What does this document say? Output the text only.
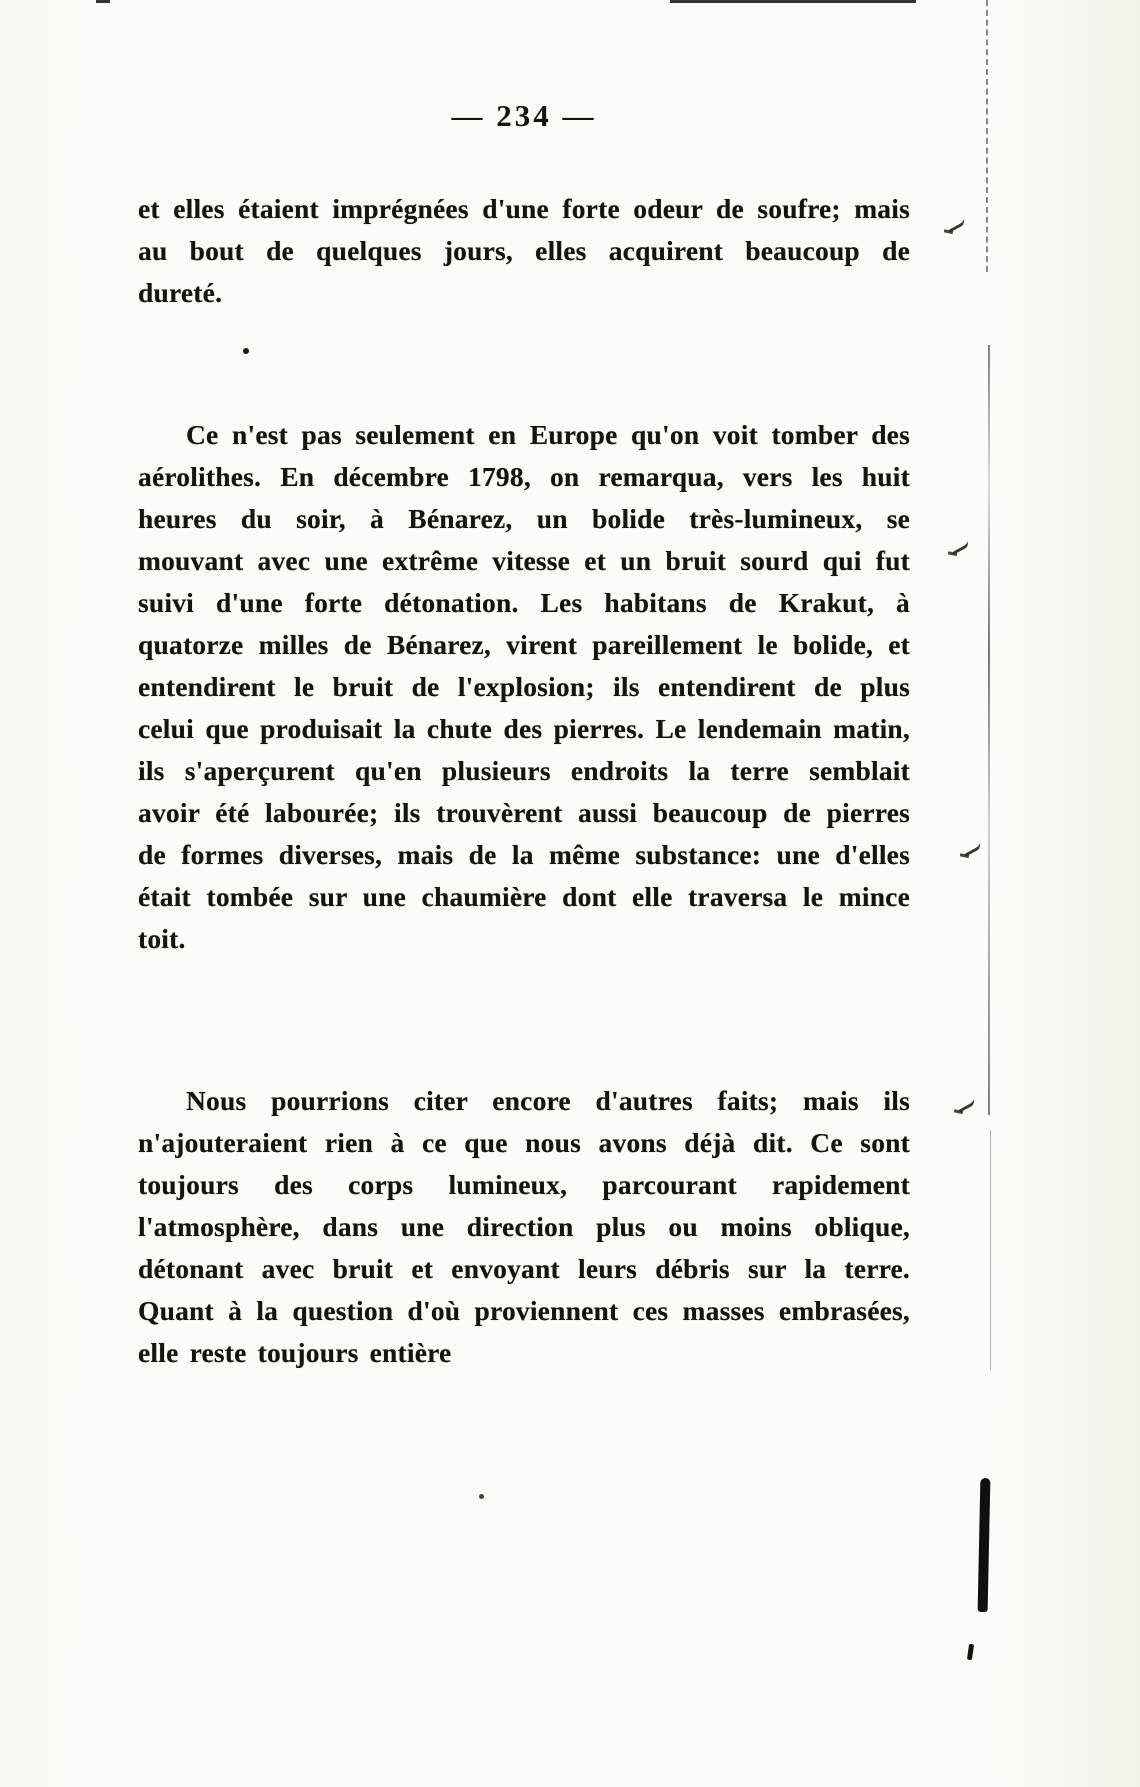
— 234 —

et elles étaient imprégnées d'une forte odeur de soufre; mais au bout de quelques jours, elles acquirent beaucoup de dureté.

Ce n'est pas seulement en Europe qu'on voit tomber des aérolithes. En décembre 1798, on remarqua, vers les huit heures du soir, à Bénarez, un bolide très-lumineux, se mouvant avec une extrême vitesse et un bruit sourd qui fut suivi d'une forte détonation. Les habitans de Krakut, à quatorze milles de Bénarez, virent pareillement le bolide, et entendirent le bruit de l'explosion; ils entendirent de plus celui que produisait la chute des pierres. Le lendemain matin, ils s'aperçurent qu'en plusieurs endroits la terre semblait avoir été labourée; ils trouvèrent aussi beaucoup de pierres de formes diverses, mais de la même substance: une d'elles était tombée sur une chaumière dont elle traversa le mince toit.

Nous pourrions citer encore d'autres faits; mais ils n'ajouteraient rien à ce que nous avons déjà dit. Ce sont toujours des corps lumineux, parcourant rapidement l'atmosphère, dans une direction plus ou moins oblique, détonant avec bruit et envoyant leurs débris sur la terre. Quant à la question d'où proviennent ces masses embrasées, elle reste toujours entière
